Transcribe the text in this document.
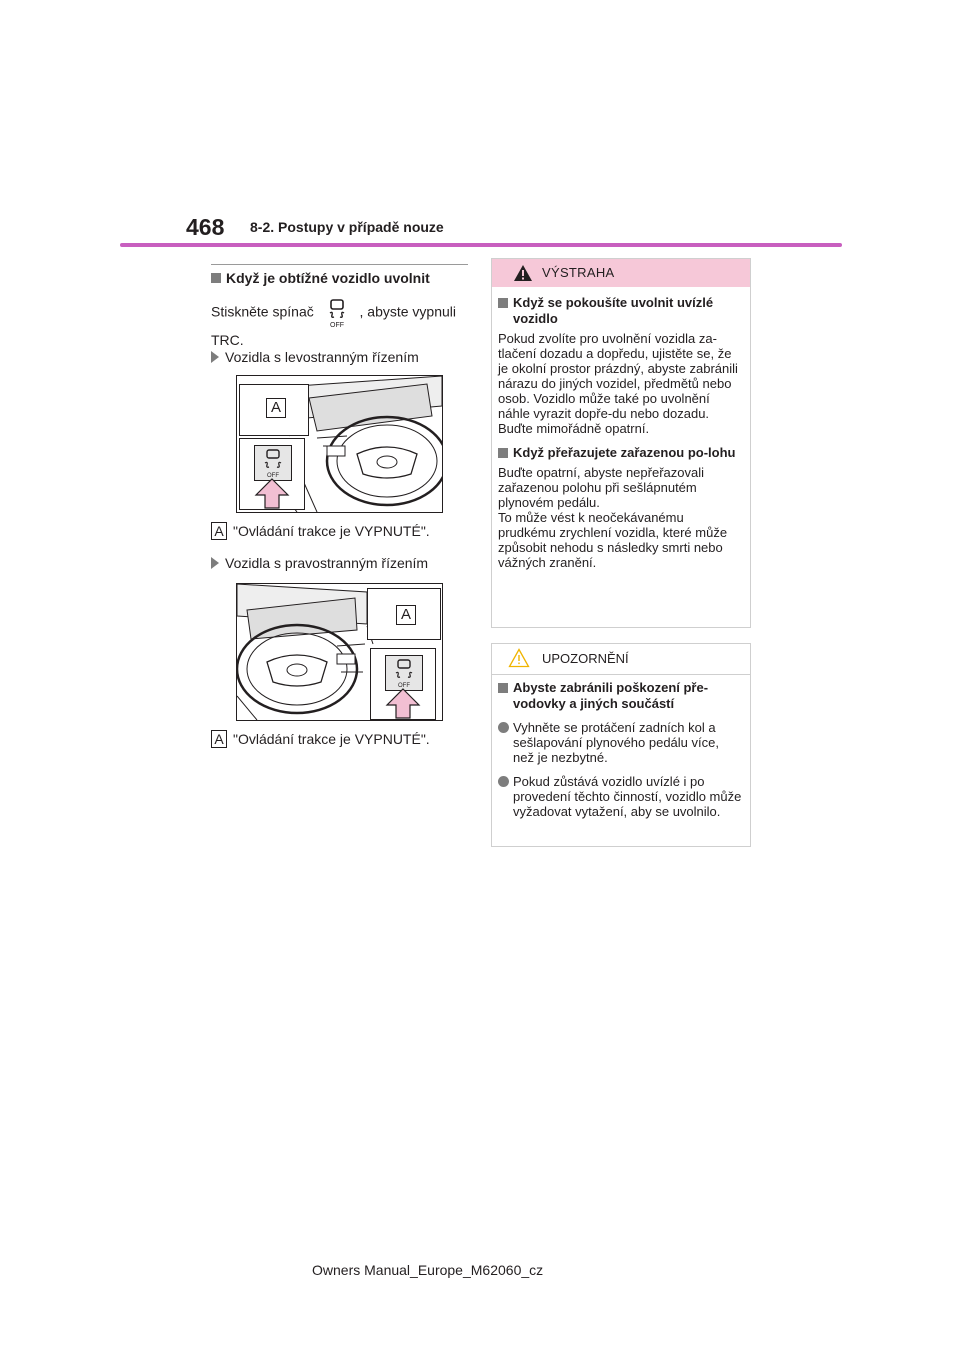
468 8-2. Postupy v případě nouze
Když je obtížné vozidlo uvolnit
Stiskněte spínač
OFF
, abyste vypnuli
TRC.
Vozidla s levostranným řízením
A
OFF
A "Ovládání trakce je VYPNUTÉ".
Vozidla s pravostranným řízením
A
OFF
A "Ovládání trakce je VYPNUTÉ".
VÝSTRAHA
Když se pokoušíte uvolnit uvízlé vozidlo
Pokud zvolíte pro uvolnění vozidla za-tlačení dozadu a dopředu, ujistěte se, že je okolní prostor prázdný, abyste zabránili nárazu do jiných vozidel, předmětů nebo osob. Vozidlo může také po uvolnění náhle vyrazit dopře-du nebo dozadu. Buďte mimořádně opatrní.
Když přeřazujete zařazenou po-lohu
Buďte opatrní, abyste nepřeřazovali zařazenou polohu při sešlápnutém plynovém pedálu.
To může vést k neočekávanému prudkému zrychlení vozidla, které může způsobit nehodu s následky smrti nebo vážných zranění.
UPOZORNĚNÍ
Abyste zabránili poškození pře-vodovky a jiných součástí
Vyhněte se protáčení zadních kol a sešlapování plynového pedálu více, než je nezbytné.
Pokud zůstává vozidlo uvízlé i po provedení těchto činností, vozidlo může vyžadovat vytažení, aby se uvolnilo.
Owners Manual_Europe_M62060_cz
